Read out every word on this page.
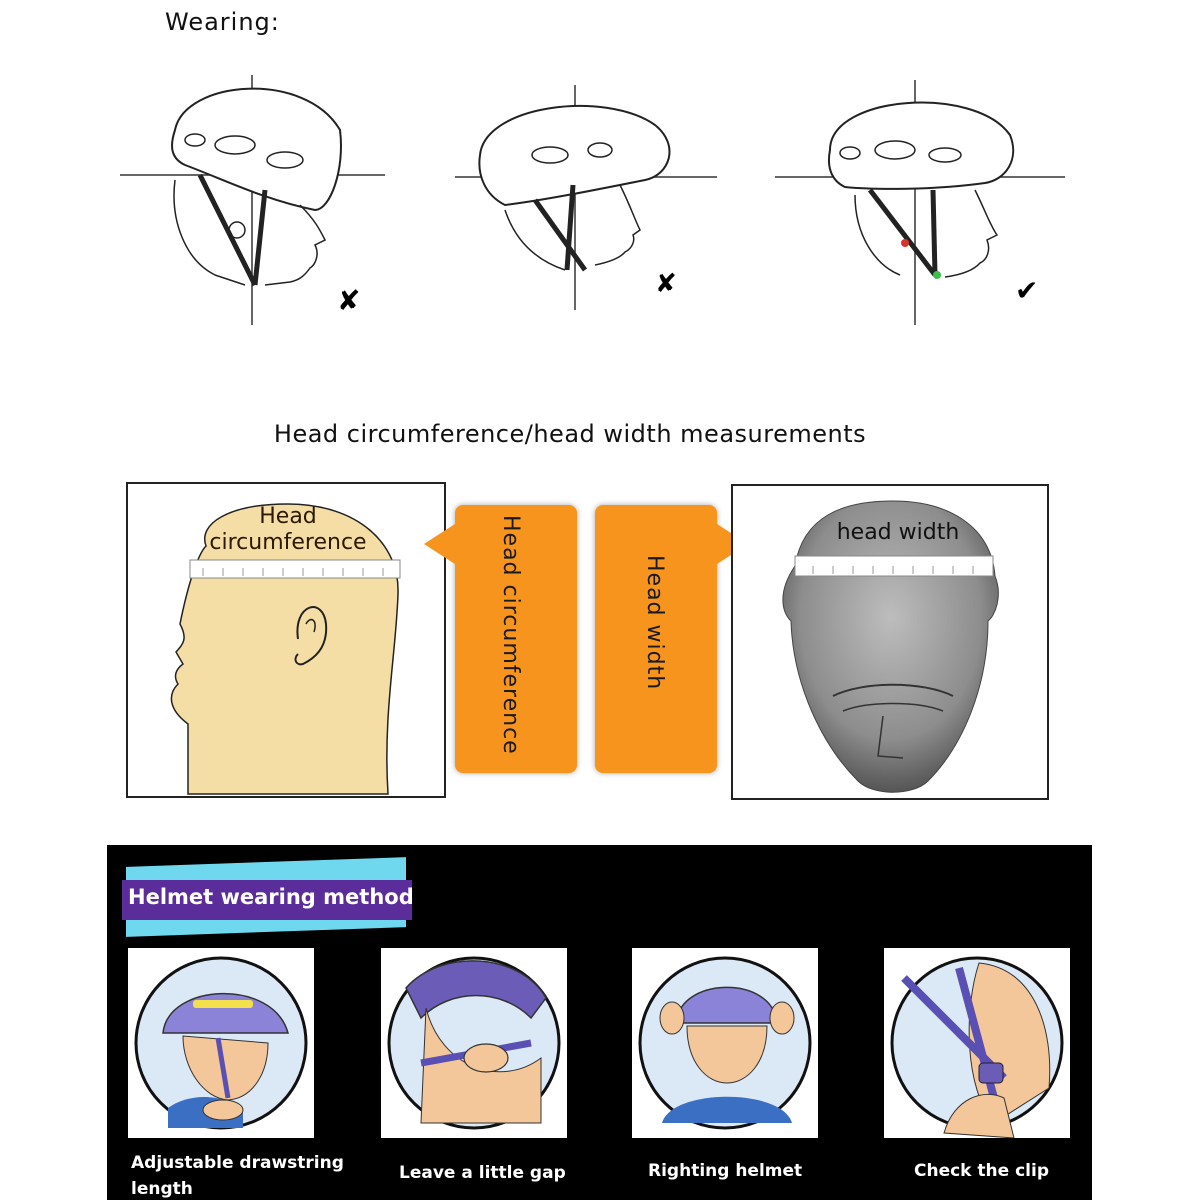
Wearing:
✘	✘	✔
Head circumference/head width measurements
Head
circumference	Head circumference	Head width
head width
Helmet wearing method
Adjustable drawstring
length
Leave a little gap	Righting helmet	Check the clip
